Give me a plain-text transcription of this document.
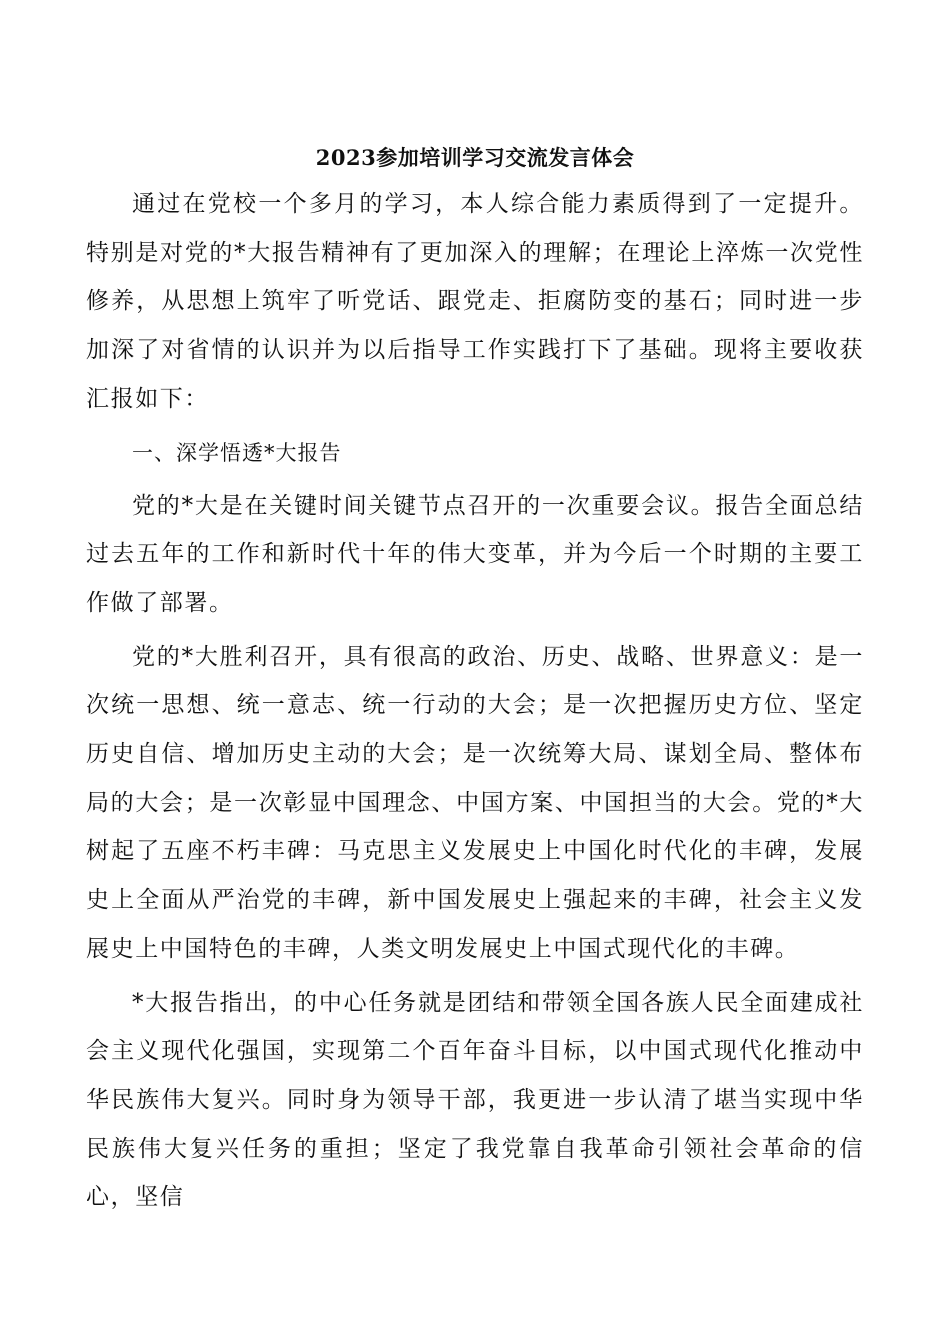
2023参加培训学习交流发言体会

通过在党校一个多月的学习，本人综合能力素质得到了一定提升。特别是对党的*大报告精神有了更加深入的理解；在理论上淬炼一次党性修养，从思想上筑牢了听党话、跟党走、拒腐防变的基石；同时进一步加深了对省情的认识并为以后指导工作实践打下了基础。现将主要收获汇报如下：

一、深学悟透*大报告

党的*大是在关键时间关键节点召开的一次重要会议。报告全面总结过去五年的工作和新时代十年的伟大变革，并为今后一个时期的主要工作做了部署。

党的*大胜利召开，具有很高的政治、历史、战略、世界意义：是一次统一思想、统一意志、统一行动的大会；是一次把握历史方位、坚定历史自信、增加历史主动的大会；是一次统筹大局、谋划全局、整体布局的大会；是一次彰显中国理念、中国方案、中国担当的大会。党的*大树起了五座不朽丰碑：马克思主义发展史上中国化时代化的丰碑，发展史上全面从严治党的丰碑，新中国发展史上强起来的丰碑，社会主义发展史上中国特色的丰碑，人类文明发展史上中国式现代化的丰碑。

*大报告指出，的中心任务就是团结和带领全国各族人民全面建成社会主义现代化强国，实现第二个百年奋斗目标，以中国式现代化推动中华民族伟大复兴。同时身为领导干部，我更进一步认清了堪当实现中华民族伟大复兴任务的重担；坚定了我党靠自我革命引领社会革命的信心，坚信
